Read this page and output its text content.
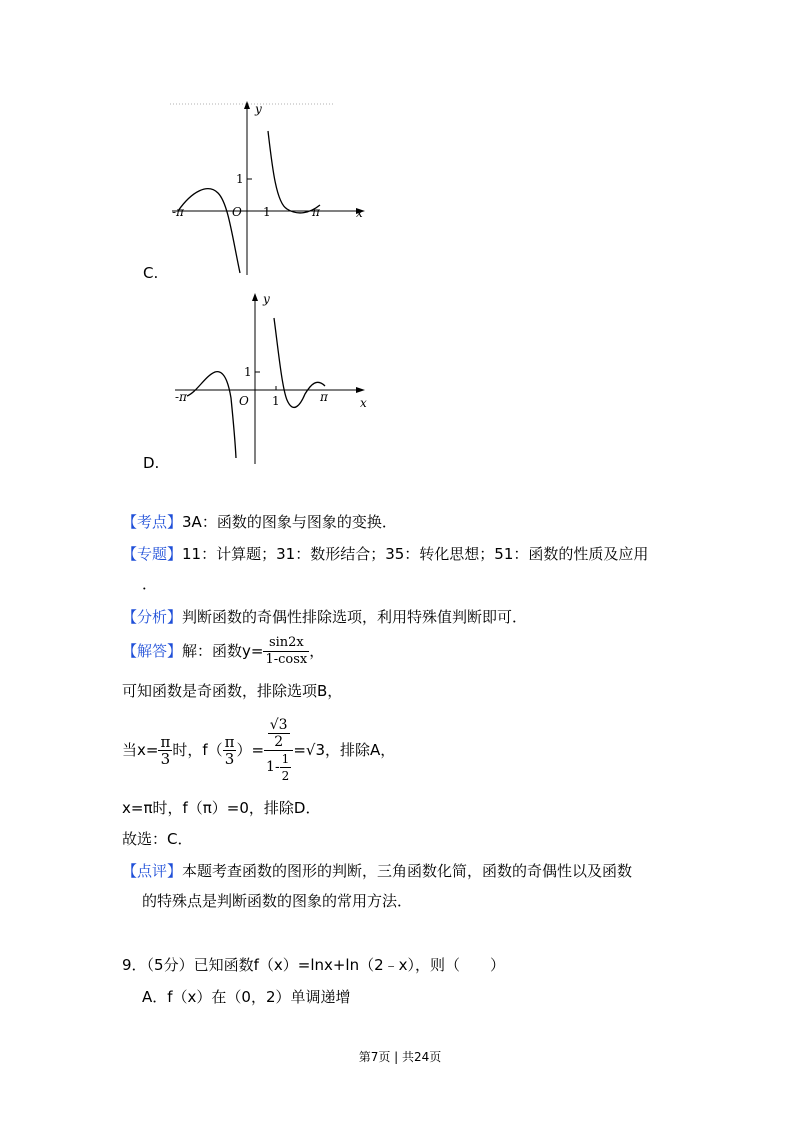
y
x
1
O 1
-π	π
C.
y
x
1
O 1
-π	π
D.
【考点】3A：函数的图象与图象的变换．
【专题】11：计算题；31：数形结合；35：转化思想；51：函数的性质及应用
．
【分析】判断函数的奇偶性排除选项，利用特殊值判断即可．
【解答】解：函数$y= \frac{\sin 2x}{1-\cos x}$ ，
可知函数是奇函数，排除选项B，
当$x= \frac{\pi}{3}$ 时，$f( \frac{\pi}{3}$ ）= $\frac{\frac{√3}{2}}{1- \frac{1}{2}} =√3$ ，排除A，
x=π时，f（π）=0，排除D．
故选：C．
【点评】本题考查函数的图形的判断，三角函数化简，函数的奇偶性以及函数
的特殊点是判断函数的图象的常用方法．
9．（5分）已知函数f（x）=lnx+ln（2﹣x），则（　　）
A．f（x）在（0，2）单调递增
第7页 | 共24页
